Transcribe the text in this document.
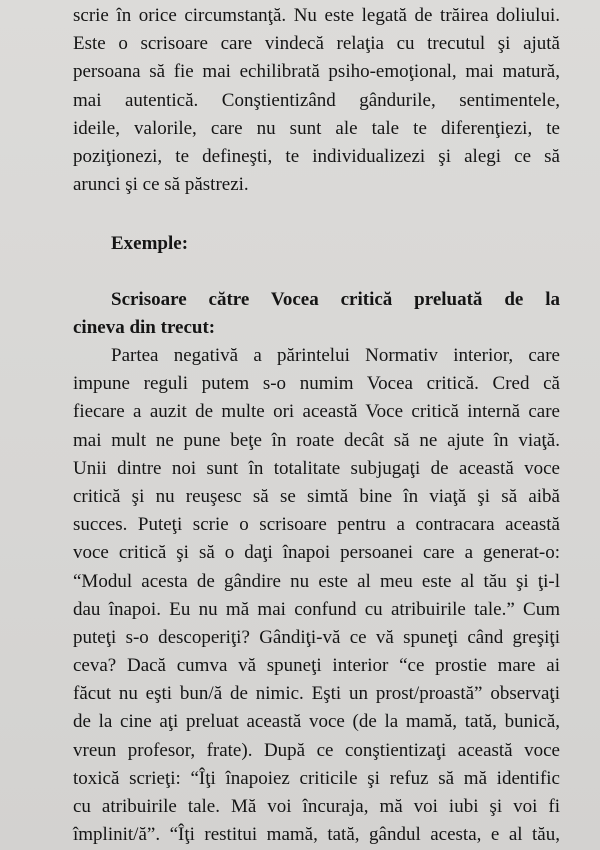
scrie în orice circumstanţă. Nu este legată de trăirea doliului.
Este o scrisoare care vindecă relaţia cu trecutul şi ajută
persoana să fie mai echilibrată psiho-emoţional, mai matură,
mai autentică. Conştientizând gândurile, sentimentele,
ideile, valorile, care nu sunt ale tale te diferenţiezi, te
poziţionezi, te defineşti, te individualizezi şi alegi ce să
arunci şi ce să păstrezi.
Exemple:
Scrisoare către Vocea critică preluată de la
cineva din trecut:
Partea negativă a părintelui Normativ interior, care
impune reguli putem s-o numim Vocea critică. Cred că
fiecare a auzit de multe ori această Voce critică internă care
mai mult ne pune beţe în roate decât să ne ajute în viaţă.
Unii dintre noi sunt în totalitate subjugaţi de această voce
critică şi nu reuşesc să se simtă bine în viaţă şi să aibă
succes. Puteţi scrie o scrisoare pentru a contracara această
voce critică şi să o daţi înapoi persoanei care a generat-o:
“Modul acesta de gândire nu este al meu este al tău şi ţi-l
dau înapoi. Eu nu mă mai confund cu atribuirile tale.” Cum
puteţi s-o descoperiţi? Gândiţi-vă ce vă spuneţi când greşiţi
ceva? Dacă cumva vă spuneţi interior “ce prostie mare ai
făcut nu eşti bun/ă de nimic. Eşti un prost/proastă” observaţi
de la cine aţi preluat această voce (de la mamă, tată, bunică,
vreun profesor, frate). După ce conştientizaţi această voce
toxică scrieţi: “Îţi înapoiez criticile şi refuz să mă identific
cu atribuirile tale. Mă voi încuraja, mă voi iubi şi voi fi
împlinit/ă”. “Îţi restitui mamă, tată, gândul acesta, e al tău,
